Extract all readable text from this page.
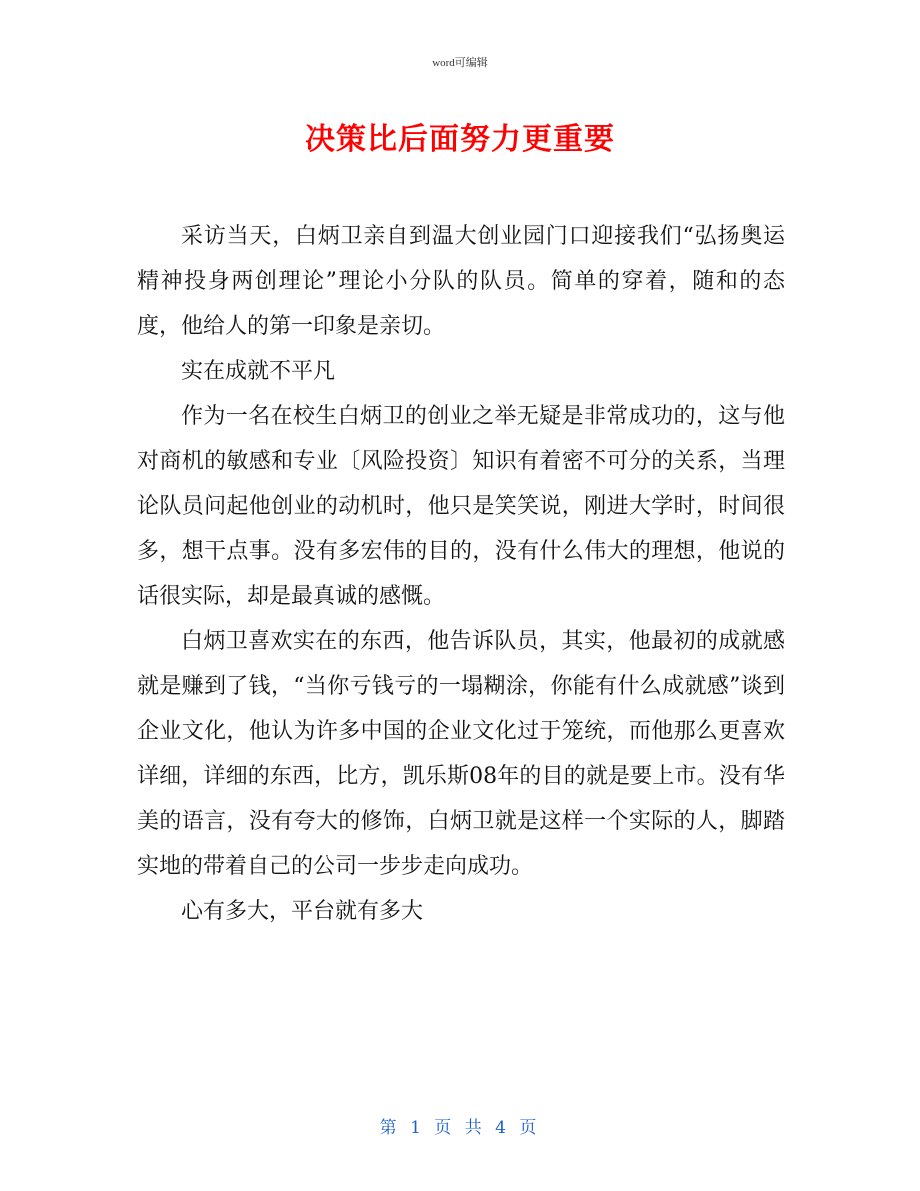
word可编辑
决策比后面努力更重要

采访当天，白炳卫亲自到温大创业园门口迎接我们“弘扬奥运精神投身两创理论”理论小分队的队员。简单的穿着，随和的态度，他给人的第一印象是亲切。

实在成就不平凡

作为一名在校生白炳卫的创业之举无疑是非常成功的，这与他对商机的敏感和专业〔风险投资〕知识有着密不可分的关系，当理论队员问起他创业的动机时，他只是笑笑说，刚进大学时，时间很多，想干点事。没有多宏伟的目的，没有什么伟大的理想，他说的话很实际，却是最真诚的感慨。

白炳卫喜欢实在的东西，他告诉队员，其实，他最初的成就感就是赚到了钱，“当你亏钱亏的一塌糊涂，你能有什么成就感”谈到企业文化，他认为许多中国的企业文化过于笼统，而他那么更喜欢详细，详细的东西，比方，凯乐斯08年的目的就是要上市。没有华美的语言，没有夸大的修饰，白炳卫就是这样一个实际的人，脚踏实地的带着自己的公司一步步走向成功。

心有多大，平台就有多大

第 1 页 共 4 页
